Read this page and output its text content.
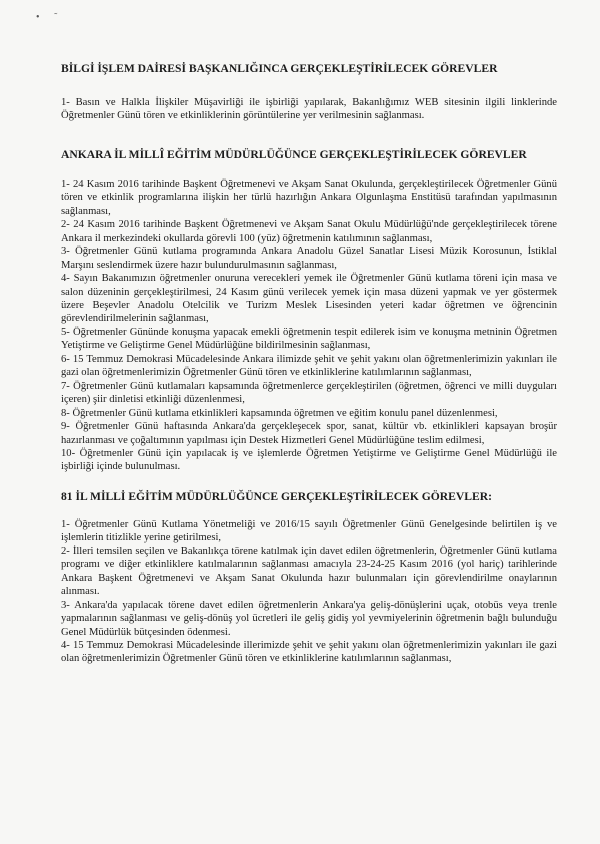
• ˜

BİLGİ İŞLEM DAİRESİ BAŞKANLIĞINCA GERÇEKLEŞTİRİLECEK GÖREVLER

1- Basın ve Halkla İlişkiler Müşavirliği ile işbirliği yapılarak, Bakanlığımız WEB sitesinin ilgili linklerinde Öğretmenler Günü tören ve etkinliklerinin görüntülerine yer verilmesinin sağlanması.

ANKARA İL MİLLÎ EĞİTİM MÜDÜRLÜĞÜNCE GERÇEKLEŞTİRİLECEK GÖREVLER

1- 24 Kasım 2016 tarihinde Başkent Öğretmenevi ve Akşam Sanat Okulunda, gerçekleştirilecek Öğretmenler Günü tören ve etkinlik programlarına ilişkin her türlü hazırlığın Ankara Olgunlaşma Enstitüsü tarafından yapılmasının sağlanması,

2- 24 Kasım 2016 tarihinde Başkent Öğretmenevi ve Akşam Sanat Okulu Müdürlüğü'nde gerçekleştirilecek törene Ankara il merkezindeki okullarda görevli 100 (yüz) öğretmenin katılımının sağlanması,

3- Öğretmenler Günü kutlama programında Ankara Anadolu Güzel Sanatlar Lisesi Müzik Korosunun, İstiklal Marşını seslendirmek üzere hazır bulundurulmasının sağlanması,

4- Sayın Bakanımızın öğretmenler onuruna verecekleri yemek ile Öğretmenler Günü kutlama töreni için masa ve salon düzeninin gerçekleştirilmesi, 24 Kasım günü verilecek yemek için masa düzeni yapmak ve yer göstermek üzere Beşevler Anadolu Otelcilik ve Turizm Meslek Lisesinden yeteri kadar öğretmen ve öğrencinin görevlendirilmelerinin sağlanması,

5- Öğretmenler Gününde konuşma yapacak emekli öğretmenin tespit edilerek isim ve konuşma metninin Öğretmen Yetiştirme ve Geliştirme Genel Müdürlüğüne bildirilmesinin sağlanması,

6- 15 Temmuz Demokrasi Mücadelesinde Ankara ilimizde şehit ve şehit yakını olan öğretmenlerimizin yakınları ile gazi olan öğretmenlerimizin Öğretmenler Günü tören ve etkinliklerine katılımlarının sağlanması,

7- Öğretmenler Günü kutlamaları kapsamında öğretmenlerce gerçekleştirilen (öğretmen, öğrenci ve milli duyguları içeren) şiir dinletisi etkinliği düzenlenmesi,

8- Öğretmenler Günü kutlama etkinlikleri kapsamında öğretmen ve eğitim konulu panel düzenlenmesi,

9- Öğretmenler Günü haftasında Ankara'da gerçekleşecek spor, sanat, kültür vb. etkinlikleri kapsayan broşür hazırlanması ve çoğaltımının yapılması için Destek Hizmetleri Genel Müdürlüğüne teslim edilmesi,

10- Öğretmenler Günü için yapılacak iş ve işlemlerde Öğretmen Yetiştirme ve Geliştirme Genel Müdürlüğü ile işbirliği içinde bulunulması.

81 İL MİLLİ EĞİTİM MÜDÜRLÜĞÜNCE GERÇEKLEŞTİRİLECEK GÖREVLER:

1- Öğretmenler Günü Kutlama Yönetmeliği ve 2016/15 sayılı Öğretmenler Günü Genelgesinde belirtilen iş ve işlemlerin titizlikle yerine getirilmesi,

2- İlleri temsilen seçilen ve Bakanlıkça törene katılmak için davet edilen öğretmenlerin, Öğretmenler Günü kutlama programı ve diğer etkinliklere katılmalarının sağlanması amacıyla 23-24-25 Kasım 2016 (yol hariç) tarihlerinde Ankara Başkent Öğretmenevi ve Akşam Sanat Okulunda hazır bulunmaları için görevlendirilme onaylarının alınması.

3- Ankara'da yapılacak törene davet edilen öğretmenlerin Ankara'ya geliş-dönüşlerini uçak, otobüs veya trenle yapmalarının sağlanması ve geliş-dönüş yol ücretleri ile geliş gidiş yol yevmiyelerinin öğretmenin bağlı bulunduğu Genel Müdürlük bütçesinden ödenmesi.

4- 15 Temmuz Demokrasi Mücadelesinde illerimizde şehit ve şehit yakını olan öğretmenlerimizin yakınları ile gazi olan öğretmenlerimizin Öğretmenler Günü tören ve etkinliklerine katılımlarının sağlanması,
